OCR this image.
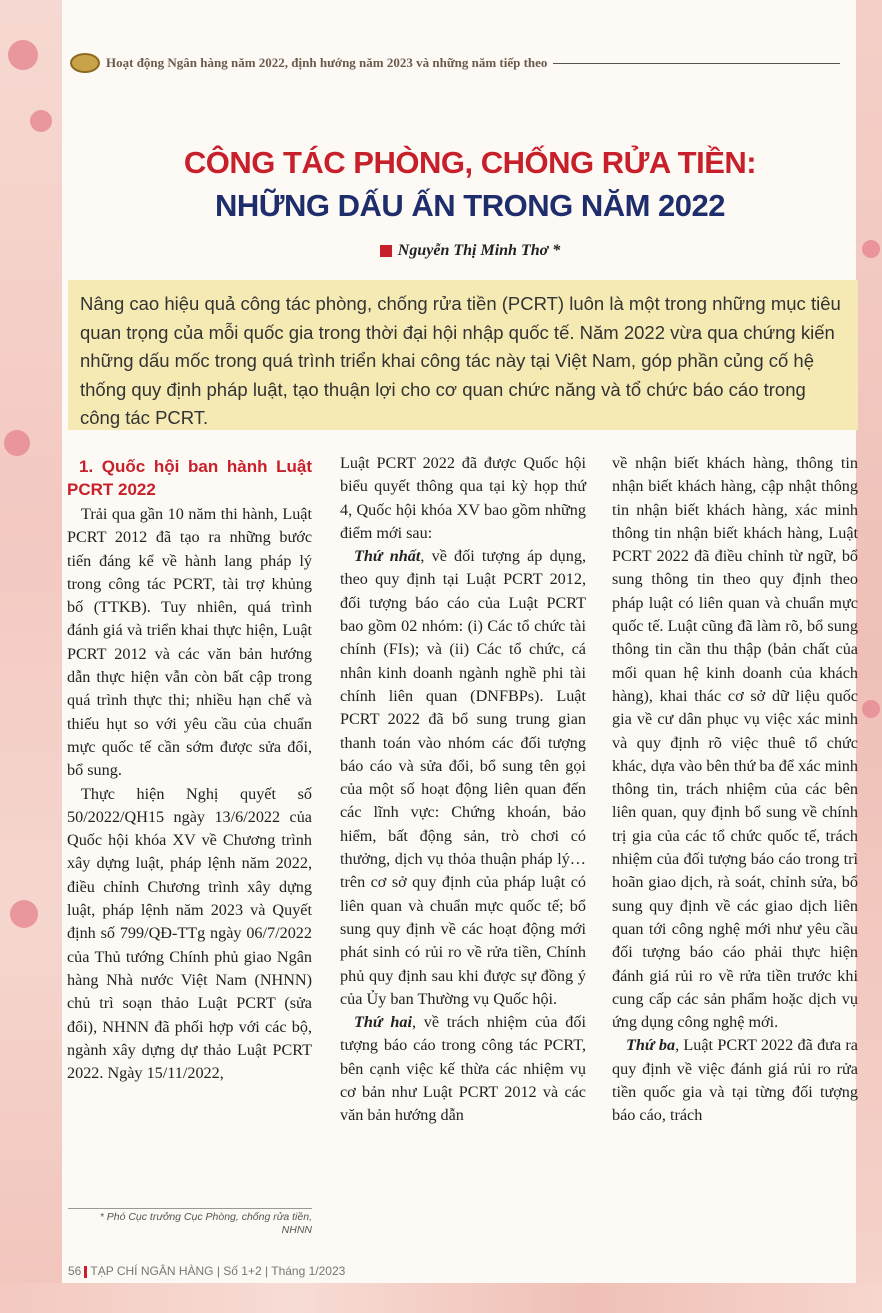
Hoạt động Ngân hàng năm 2022, định hướng năm 2023 và những năm tiếp theo
CÔNG TÁC PHÒNG, CHỐNG RỬA TIỀN:
NHỮNG DẤU ẤN TRONG NĂM 2022
Nguyễn Thị Minh Thơ *
Nâng cao hiệu quả công tác phòng, chống rửa tiền (PCRT) luôn là một trong những mục tiêu quan trọng của mỗi quốc gia trong thời đại hội nhập quốc tế. Năm 2022 vừa qua chứng kiến những dấu mốc trong quá trình triển khai công tác này tại Việt Nam, góp phần củng cố hệ thống quy định pháp luật, tạo thuận lợi cho cơ quan chức năng và tổ chức báo cáo trong công tác PCRT.
1. Quốc hội ban hành Luật PCRT 2022

Trải qua gần 10 năm thi hành, Luật PCRT 2012 đã tạo ra những bước tiến đáng kể về hành lang pháp lý trong công tác PCRT, tài trợ khủng bố (TTKB). Tuy nhiên, quá trình đánh giá và triển khai thực hiện, Luật PCRT 2012 và các văn bản hướng dẫn thực hiện vẫn còn bất cập trong quá trình thực thi; nhiều hạn chế và thiếu hụt so với yêu cầu của chuẩn mực quốc tế cần sớm được sửa đổi, bổ sung.

Thực hiện Nghị quyết số 50/2022/QH15 ngày 13/6/2022 của Quốc hội khóa XV về Chương trình xây dựng luật, pháp lệnh năm 2022, điều chỉnh Chương trình xây dựng luật, pháp lệnh năm 2023 và Quyết định số 799/QĐ-TTg ngày 06/7/2022 của Thủ tướng Chính phủ giao Ngân hàng Nhà nước Việt Nam (NHNN) chủ trì soạn thảo Luật PCRT (sửa đổi), NHNN đã phối hợp với các bộ, ngành xây dựng dự thảo Luật PCRT 2022. Ngày 15/11/2022,

Luật PCRT 2022 đã được Quốc hội biểu quyết thông qua tại kỳ họp thứ 4, Quốc hội khóa XV bao gồm những điểm mới sau:

Thứ nhất, về đối tượng áp dụng, theo quy định tại Luật PCRT 2012, đối tượng báo cáo của Luật PCRT bao gồm 02 nhóm: (i) Các tổ chức tài chính (FIs); và (ii) Các tổ chức, cá nhân kinh doanh ngành nghề phi tài chính liên quan (DNFBPs). Luật PCRT 2022 đã bổ sung trung gian thanh toán vào nhóm các đối tượng báo cáo và sửa đổi, bổ sung tên gọi của một số hoạt động liên quan đến các lĩnh vực: Chứng khoán, bảo hiểm, bất động sản, trò chơi có thưởng, dịch vụ thỏa thuận pháp lý… trên cơ sở quy định của pháp luật có liên quan và chuẩn mực quốc tế; bổ sung quy định về các hoạt động mới phát sinh có rủi ro về rửa tiền, Chính phủ quy định sau khi được sự đồng ý của Ủy ban Thường vụ Quốc hội.

Thứ hai, về trách nhiệm của đối tượng báo cáo trong công tác PCRT, bên cạnh việc kế thừa các nhiệm vụ cơ bản như Luật PCRT 2012 và các văn bản hướng dẫn

về nhận biết khách hàng, thông tin nhận biết khách hàng, cập nhật thông tin nhận biết khách hàng, xác minh thông tin nhận biết khách hàng, Luật PCRT 2022 đã điều chỉnh từ ngữ, bổ sung thông tin theo quy định theo pháp luật có liên quan và chuẩn mực quốc tế. Luật cũng đã làm rõ, bổ sung thông tin cần thu thập (bản chất của mối quan hệ kinh doanh của khách hàng), khai thác cơ sở dữ liệu quốc gia về cư dân phục vụ việc xác minh và quy định rõ việc thuê tổ chức khác, dựa vào bên thứ ba để xác minh thông tin, trách nhiệm của các bên liên quan, quy định bổ sung về chính trị gia của các tổ chức quốc tế, trách nhiệm của đối tượng báo cáo trong trì hoãn giao dịch, rà soát, chỉnh sửa, bổ sung quy định về các giao dịch liên quan tới công nghệ mới như yêu cầu đối tượng báo cáo phải thực hiện đánh giá rủi ro về rửa tiền trước khi cung cấp các sản phẩm hoặc dịch vụ ứng dụng công nghệ mới.

Thứ ba, Luật PCRT 2022 đã đưa ra quy định về việc đánh giá rủi ro rửa tiền quốc gia và tại từng đối tượng báo cáo, trách

* Phó Cục trưởng Cục Phòng, chống rửa tiền, NHNN
56 TẠP CHÍ NGÂN HÀNG | Số 1+2 | Tháng 1/2023
